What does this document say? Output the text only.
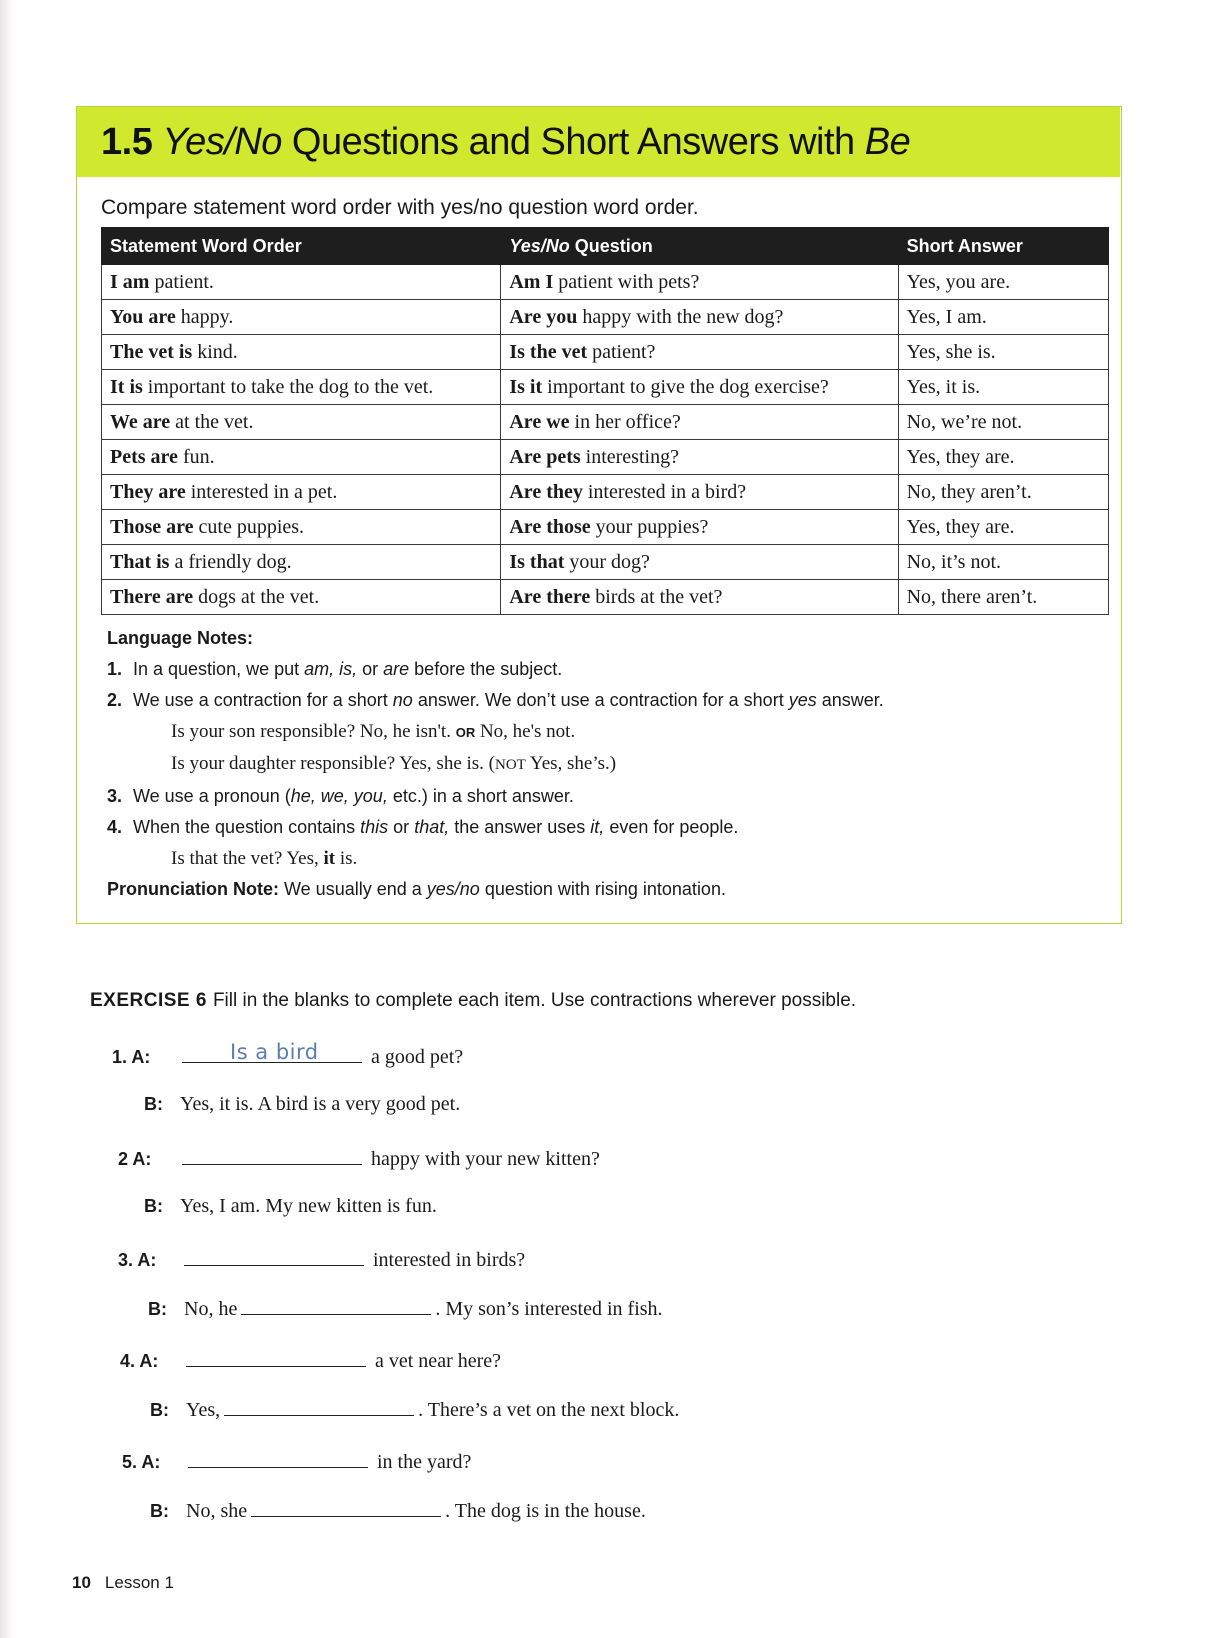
1.5 Yes/No Questions and Short Answers with Be
Compare statement word order with yes/no question word order.
Statement Word Order	Yes/No Question	Short Answer
I am patient.	Am I patient with pets?	Yes, you are.
You are happy.	Are you happy with the new dog?	Yes, I am.
The vet is kind.	Is the vet patient?	Yes, she is.
It is important to take the dog to the vet.	Is it important to give the dog exercise?	Yes, it is.
We are at the vet.	Are we in her office?	No, we’re not.
Pets are fun.	Are pets interesting?	Yes, they are.
They are interested in a pet.	Are they interested in a bird?	No, they aren’t.
Those are cute puppies.	Are those your puppies?	Yes, they are.
That is a friendly dog.	Is that your dog?	No, it’s not.
There are dogs at the vet.	Are there birds at the vet?	No, there aren’t.
Language Notes:
1. In a question, we put am, is, or are before the subject.
2. We use a contraction for a short no answer. We don’t use a contraction for a short yes answer.
Is your son responsible? No, he isn't. OR No, he's not.
Is your daughter responsible? Yes, she is. (NOT Yes, she’s.)
3. We use a pronoun (he, we, you, etc.) in a short answer.
4. When the question contains this or that, the answer uses it, even for people.
Is that the vet? Yes, it is.
Pronunciation Note: We usually end a yes/no question with rising intonation.
EXERCISE 6 Fill in the blanks to complete each item. Use contractions wherever possible.
1. A:	Is a bird	a good pet?
B: Yes, it is. A bird is a very good pet.
2 A:	happy with your new kitten?
B: Yes, I am. My new kitten is fun.
3. A:	interested in birds?
B: No, he	. My son’s interested in fish.
4. A:	a vet near here?
B: Yes,	. There’s a vet on the next block.
5. A:	in the yard?
B: No, she	. The dog is in the house.
10 Lesson 1
